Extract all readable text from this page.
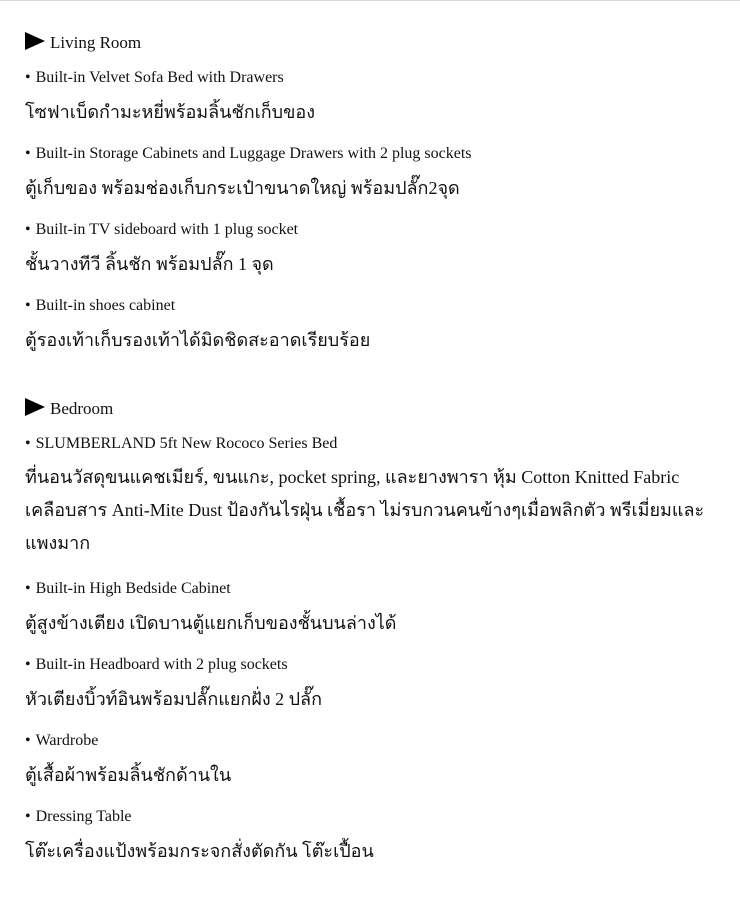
Living Room
• Built-in Velvet Sofa Bed with Drawers
โซฟาเบ็ดกำมะหยี่พร้อมลิ้นชักเก็บของ
• Built-in Storage Cabinets and Luggage Drawers with 2 plug sockets
ตู้เก็บของ พร้อมช่องเก็บกระเป๋าขนาดใหญ่ พร้อมปลั๊ก2จุด
• Built-in TV sideboard with 1 plug socket
ชั้นวางทีวี ลิ้นชัก พร้อมปลั๊ก 1 จุด
• Built-in shoes cabinet
ตู้รองเท้าเก็บรองเท้าได้มิดชิดสะอาดเรียบร้อย
Bedroom
• SLUMBERLAND 5ft New Rococo Series Bed
ที่นอนวัสดุขนแคชเมียร์, ขนแกะ, pocket spring, และยางพารา หุ้ม Cotton Knitted Fabric เคลือบสาร Anti-Mite Dust ป้องกันไรฝุ่น เชื้อรา ไม่รบกวนคนข้างๆเมื่อพลิกตัว พรีเมี่ยมและแพงมาก
• Built-in High Bedside Cabinet
ตู้สูงข้างเตียง เปิดบานตู้แยกเก็บของชั้นบนล่างได้
• Built-in Headboard with 2 plug sockets
หัวเตียงบิ้วท์อินพร้อมปลั๊กแยกฝั่ง 2 ปลั๊ก
• Wardrobe
ตู้เสื้อผ้าพร้อมลิ้นชักด้านใน
• Dressing Table
โต๊ะเครื่องแป้งพร้อมกระจกสั่งตัดกัน โต๊ะเปื้อน
